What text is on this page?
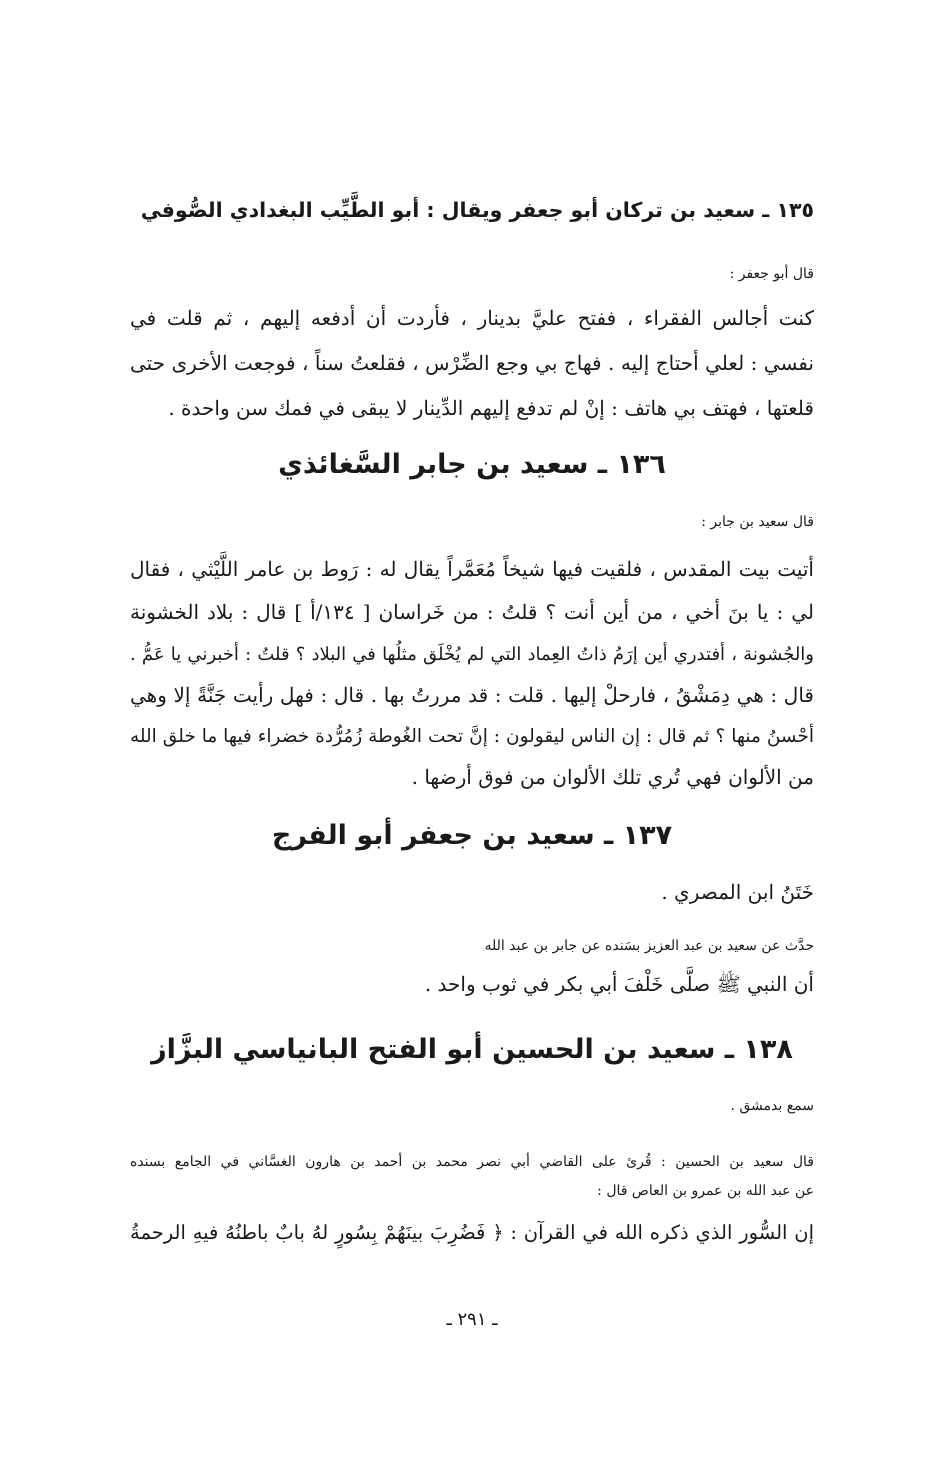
١٣٥ ـ سعيد بن تركان أبو جعفر ويقال : أبو الطَّيِّب البغدادي الصُّوفي
قال أبو جعفر :
كنت أجالس الفقراء ، ففتح عليَّ بدينار ، فأردت أن أدفعه إليهم ، ثم قلت في
نفسي : لعلي أحتاج إليه . فهاج بي وجع الضِّرْس ، فقلعتُ سناً ، فوجعت الأخرى حتى
قلعتها ، فهتف بي هاتف : إنْ لم تدفع إليهم الدِّينار لا يبقى في فمك سن واحدة .
١٣٦ ـ سعيد بن جابر السَّغائذي
قال سعيد بن جابر :
أتيت بيت المقدس ، فلقيت فيها شيخاً مُعَمَّراً يقال له : رَوط بن عامر اللَّيْثي ، فقال
لي : يا بنَ أخي ، من أين أنت ؟ قلتُ : من خَراسان [ ١٣٤/أ ] قال : بلاد الخشونة
والجُشونة ، أفتدري أين إرَمُ ذاتُ العِماد التي لم يُخْلَق مثلُها في البلاد ؟ قلتُ : أخبرني يا عَمُّ .
قال : هي دِمَشْقُ ، فارحلْ إليها . قلت : قد مررتُ بها . قال : فهل رأيت جَنَّةً إلا وهي
أحْسنُ منها ؟ ثم قال : إن الناس ليقولون : إنَّ تحت الغُوطة زُمُرُّدة خضراء فيها ما خلق الله
من الألوان فهي تُري تلك الألوان من فوق أرضها .
١٣٧ ـ سعيد بن جعفر أبو الفرج
خَتَنُ ابن المصري .
حدَّث عن سعيد بن عبد العزيز بسَنده عن جابر بن عبد الله
أن النبي ﷺ صلَّى خَلْفَ أبي بكر في ثوب واحد .
١٣٨ ـ سعيد بن الحسين أبو الفتح البانياسي البزَّاز
سمع بدمشق .
قال سعيد بن الحسين : قُرئ على القاضي أبي نصر محمد بن أحمد بن هارون الغسَّاني في الجامع بسنده
عن عبد الله بن عمرو بن العاص قال :
إن السُّور الذي ذكره الله في القرآن : ﴿ فَضُرِبَ بينَهُمْ بِسُورٍ لهُ بابٌ باطنُهُ فيهِ الرحمةُ
ـ ٢٩١ ـ
